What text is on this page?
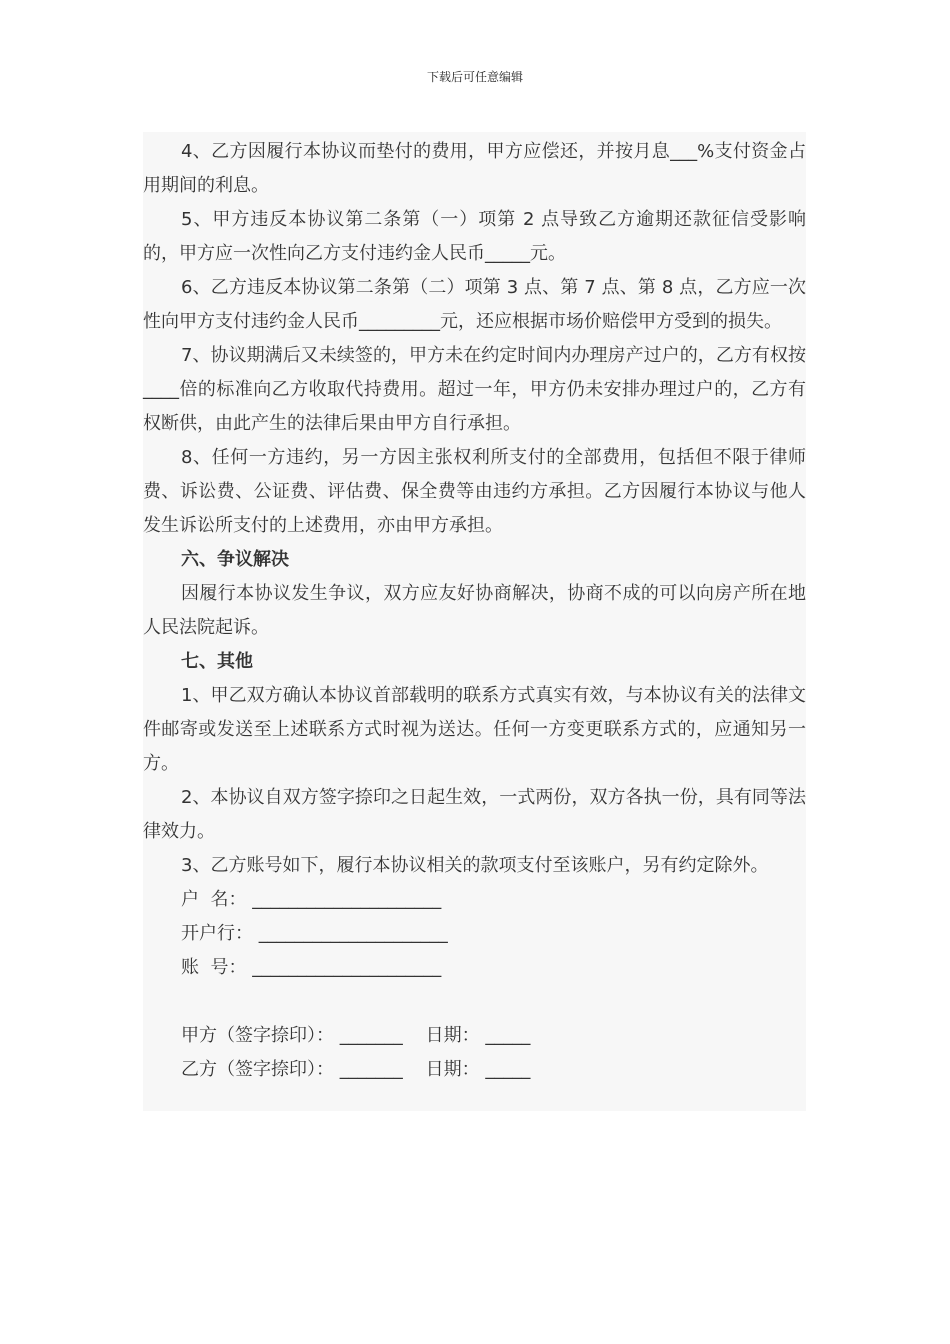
下载后可任意编辑

4、乙方因履行本协议而垫付的费用，甲方应偿还，并按月息___%支付资金占用期间的利息。

5、甲方违反本协议第二条第（一）项第 2 点导致乙方逾期还款征信受影响的，甲方应一次性向乙方支付违约金人民币_____元。

6、乙方违反本协议第二条第（二）项第 3 点、第 7 点、第 8 点，乙方应一次性向甲方支付违约金人民币_________元，还应根据市场价赔偿甲方受到的损失。

7、协议期满后又未续签的，甲方未在约定时间内办理房产过户的，乙方有权按____倍的标准向乙方收取代持费用。超过一年，甲方仍未安排办理过户的，乙方有权断供，由此产生的法律后果由甲方自行承担。

8、任何一方违约，另一方因主张权利所支付的全部费用，包括但不限于律师费、诉讼费、公证费、评估费、保全费等由违约方承担。乙方因履行本协议与他人发生诉讼所支付的上述费用，亦由甲方承担。

六、争议解决

因履行本协议发生争议，双方应友好协商解决，协商不成的可以向房产所在地人民法院起诉。

七、其他

1、甲乙双方确认本协议首部载明的联系方式真实有效，与本协议有关的法律文件邮寄或发送至上述联系方式时视为送达。任何一方变更联系方式的，应通知另一方。

2、本协议自双方签字捺印之日起生效，一式两份，双方各执一份，具有同等法律效力。

3、乙方账号如下，履行本协议相关的款项支付至该账户，另有约定除外。

户  名： _____________________

开户行： _____________________

账  号： _____________________

甲方（签字捺印）： _______ 日期： _____

乙方（签字捺印）： _______ 日期： _____
